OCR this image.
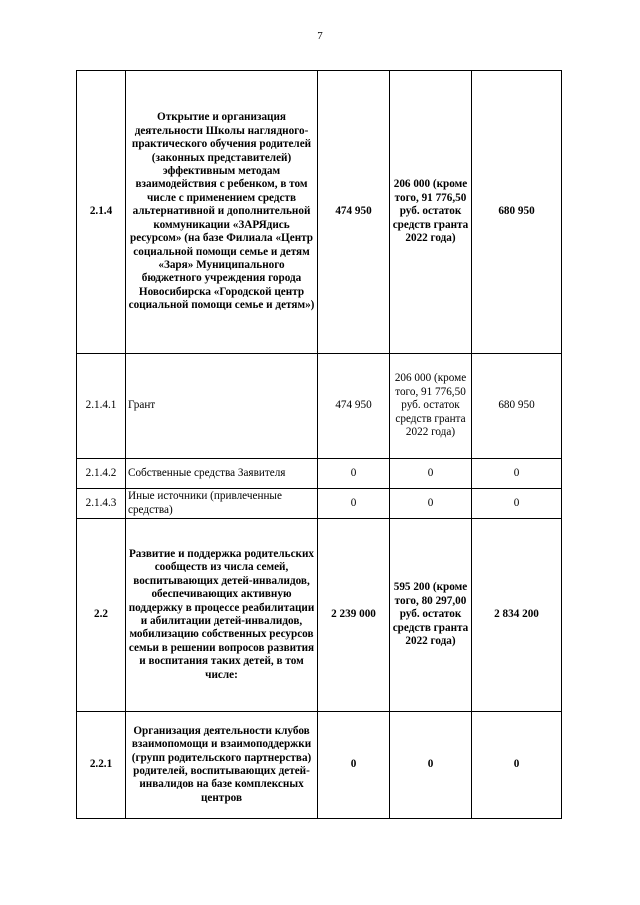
7
2.1.4	Открытие и организация деятельности Школы наглядного-практического обучения родителей (законных представителей) эффективным методам взаимодействия с ребенком, в том числе с применением средств альтернативной и дополнительной коммуникации «ЗАРЯдись ресурсом» (на базе Филиала «Центр социальной помощи семье и детям «Заря» Муниципального бюджетного учреждения города Новосибирска «Городской центр социальной помощи семье и детям»)	474 950	206 000 (кроме того, 91 776,50 руб. остаток средств гранта 2022 года)	680 950
2.1.4.1	Грант	474 950	206 000 (кроме того, 91 776,50 руб. остаток средств гранта 2022 года)	680 950
2.1.4.2	Собственные средства Заявителя	0	0	0
2.1.4.3	Иные источники (привлеченные средства)	0	0	0
2.2	Развитие и поддержка родительских сообществ из числа семей, воспитывающих детей-инвалидов, обеспечивающих активную поддержку в процессе реабилитации и абилитации детей-инвалидов, мобилизацию собственных ресурсов семьи в решении вопросов развития и воспитания таких детей, в том числе:	2 239 000	595 200 (кроме того, 80 297,00 руб. остаток средств гранта 2022 года)	2 834 200
2.2.1	Организация деятельности клубов взаимопомощи и взаимоподдержки (групп родительского партнерства) родителей, воспитывающих детей-инвалидов на базе комплексных центров	0	0	0
